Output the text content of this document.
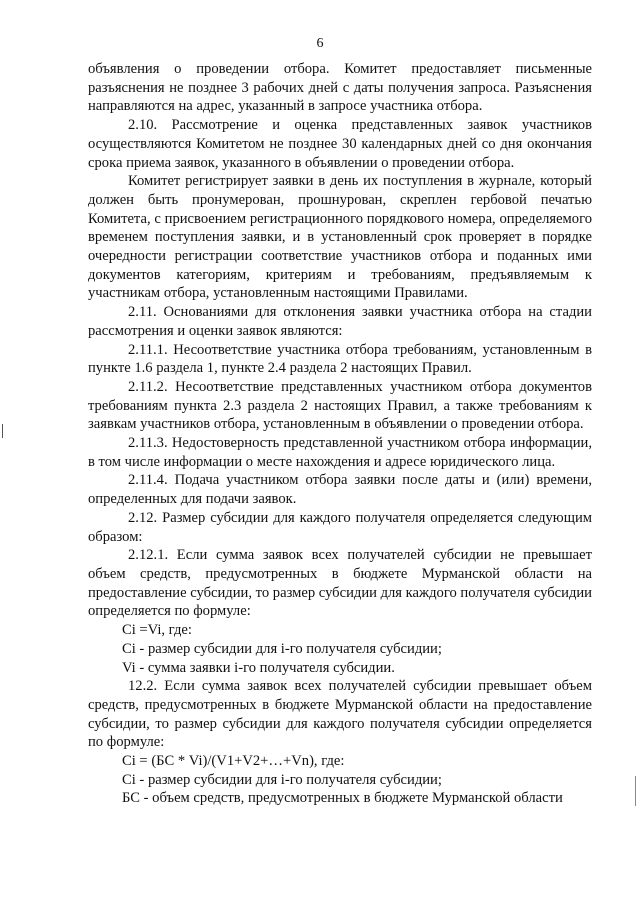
6

объявления о проведении отбора. Комитет предоставляет письменные разъяснения не позднее 3 рабочих дней с даты получения запроса. Разъяснения направляются на адрес, указанный в запросе участника отбора.

2.10. Рассмотрение и оценка представленных заявок участников осуществляются Комитетом не позднее 30 календарных дней со дня окончания срока приема заявок, указанного в объявлении о проведении отбора.

Комитет регистрирует заявки в день их поступления в журнале, который должен быть пронумерован, прошнурован, скреплен гербовой печатью Комитета, с присвоением регистрационного порядкового номера, определяемого временем поступления заявки, и в установленный срок проверяет в порядке очередности регистрации соответствие участников отбора и поданных ими документов категориям, критериям и требованиям, предъявляемым к участникам отбора, установленным настоящими Правилами.

2.11. Основаниями для отклонения заявки участника отбора на стадии рассмотрения и оценки заявок являются:

2.11.1. Несоответствие участника отбора требованиям, установленным в пункте 1.6 раздела 1, пункте 2.4 раздела 2 настоящих Правил.

2.11.2. Несоответствие представленных участником отбора документов требованиям пункта 2.3 раздела 2 настоящих Правил, а также требованиям к заявкам участников отбора, установленным в объявлении о проведении отбора.

2.11.3. Недостоверность представленной участником отбора информации, в том числе информации о месте нахождения и адресе юридического лица.

2.11.4. Подача участником отбора заявки после даты и (или) времени, определенных для подачи заявок.

2.12. Размер субсидии для каждого получателя определяется следующим образом:

2.12.1. Если сумма заявок всех получателей субсидии не превышает объем средств, предусмотренных в бюджете Мурманской области на предоставление субсидии, то размер субсидии для каждого получателя субсидии определяется по формуле:

Ci =Vi, где:

Ci - размер субсидии для i-го получателя субсидии;

Vi - сумма заявки i-го получателя субсидии.

12.2. Если сумма заявок всех получателей субсидии превышает объем средств, предусмотренных в бюджете Мурманской области на предоставление субсидии, то размер субсидии для каждого получателя субсидии определяется по формуле:

Ci = (БС * Vi)/(V1+V2+…+Vn), где:

Ci - размер субсидии для i-го получателя субсидии;

БС - объем средств, предусмотренных в бюджете Мурманской области
